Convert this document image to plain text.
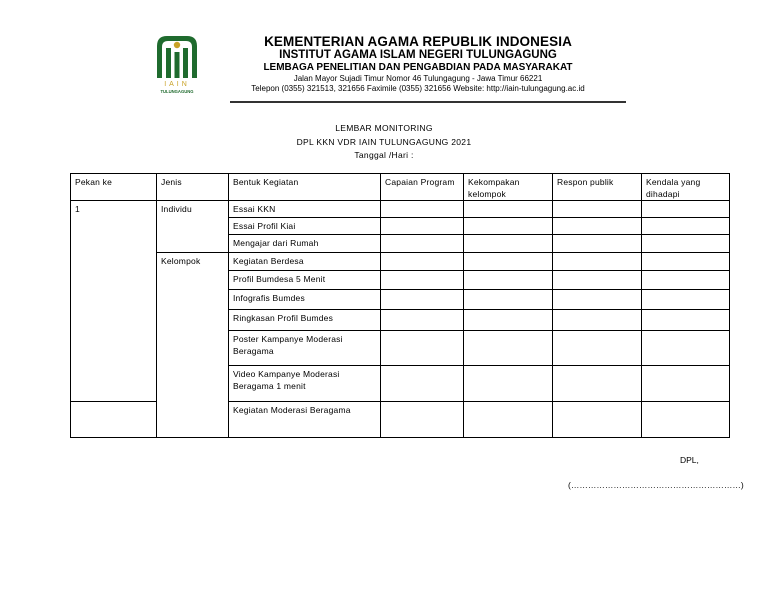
IAIN
TULUNGAGUNG
KEMENTERIAN AGAMA REPUBLIK INDONESIA
INSTITUT AGAMA ISLAM NEGERI TULUNGAGUNG
LEMBAGA PENELITIAN DAN PENGABDIAN PADA MASYARAKAT
Jalan Mayor Sujadi Timur Nomor 46 Tulungagung - Jawa Timur 66221
Telepon (0355) 321513, 321656 Faximile (0355) 321656 Website: http://iain-tulungagung.ac.id
LEMBAR MONITORING
DPL KKN VDR IAIN TULUNGAGUNG 2021
Tanggal /Hari :
Pekan ke	Jenis	Bentuk Kegiatan	Capaian Program	Kekompakan kelompok	Respon publik	Kendala yang dihadapi
1	Individu	Essai KKN				
		Essai Profil Kiai				
		Mengajar dari Rumah				
	Kelompok	Kegiatan Berdesa				
		Profil Bumdesa 5 Menit				
		Infografis Bumdes				
		Ringkasan Profil Bumdes				
		Poster Kampanye Moderasi Beragama				
		Video Kampanye Moderasi Beragama 1 menit				
		Kegiatan Moderasi Beragama				
DPL,
(……………………………………………………)
